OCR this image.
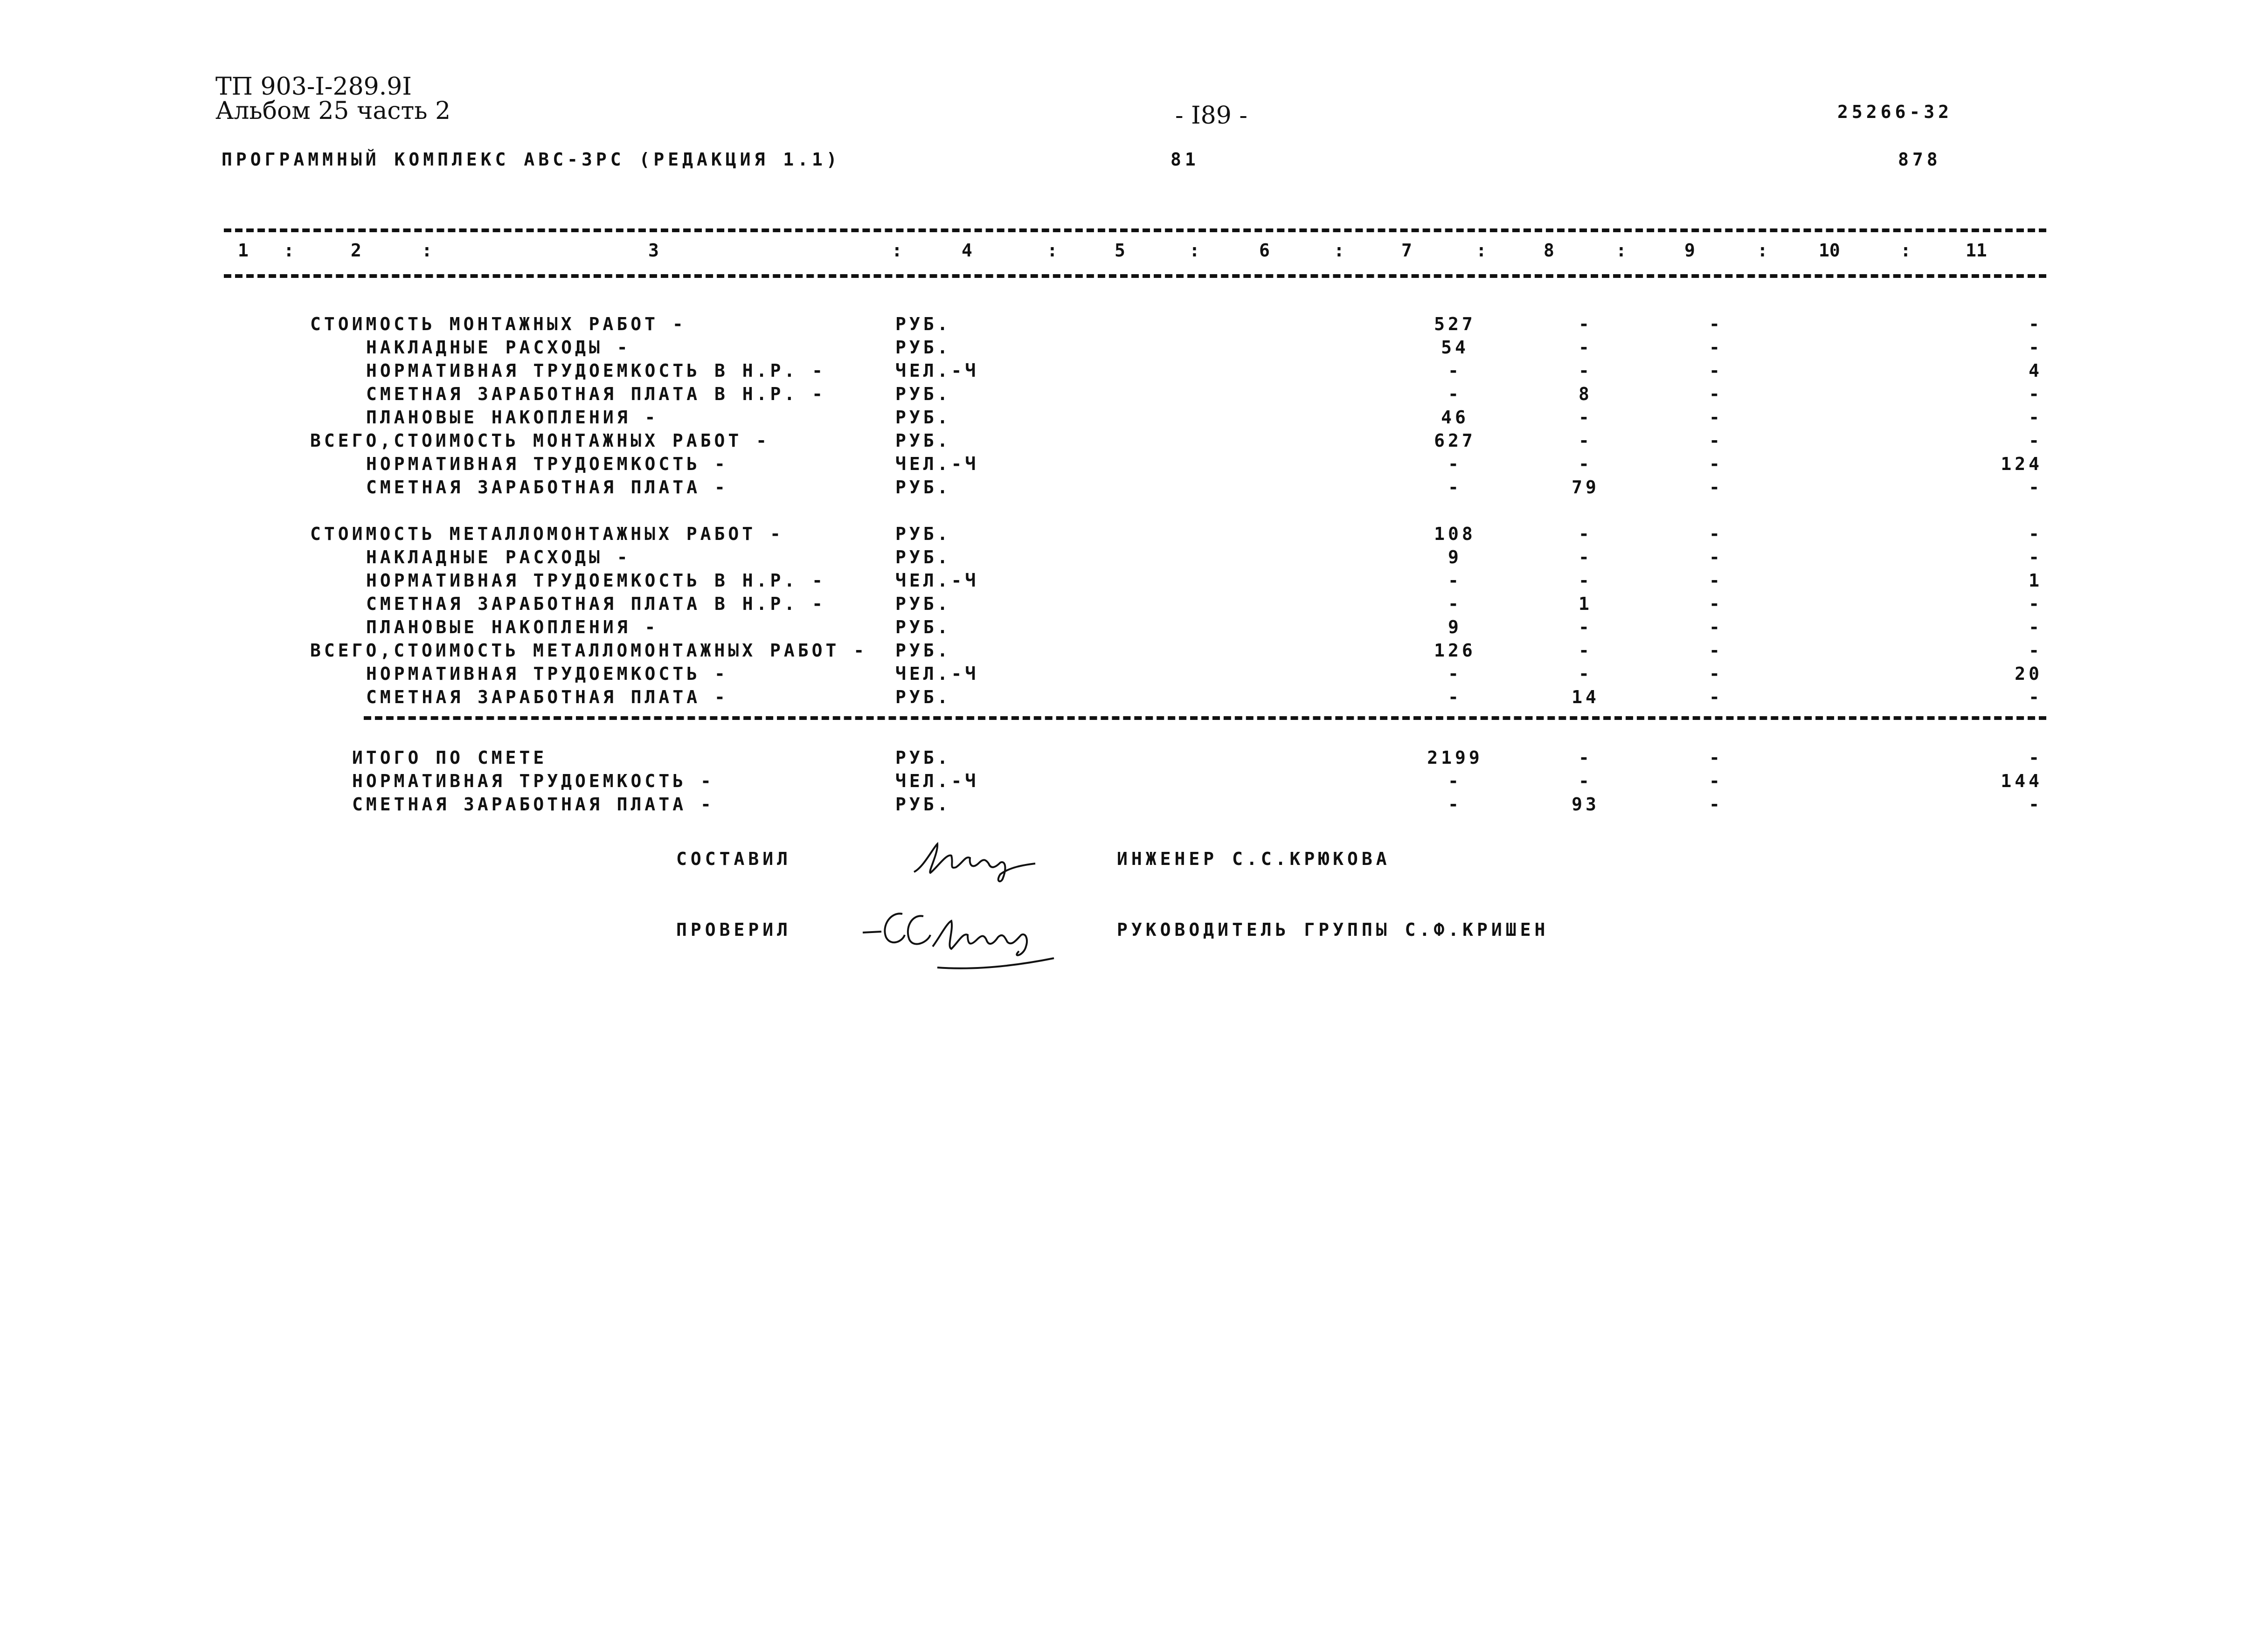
ТП 903-I-289.9I
Альбом 25 часть 2	- I89 -	25266-32
ПРОГРАММНЫЙ КОМПЛЕКС АВС-3РС (РЕДАКЦИЯ 1.1)	81	878
1 :	2	:	3	:	4	:	5	:	6	:	7	:	8	:	9	:	10	:	11
СТОИМОСТЬ МОНТАЖНЫХ РАБОТ -	РУБ.	527	-	-	-
НАКЛАДНЫЕ РАСХОДЫ -	РУБ.	54	-	-	-
НОРМАТИВНАЯ ТРУДОЕМКОСТЬ В Н.Р. -	ЧЕЛ.-Ч	-	-	-	4
СМЕТНАЯ ЗАРАБОТНАЯ ПЛАТА В Н.Р. -	РУБ.	-	8	-	-
ПЛАНОВЫЕ НАКОПЛЕНИЯ -	РУБ.	46	-	-	-
ВСЕГО,СТОИМОСТЬ МОНТАЖНЫХ РАБОТ -	РУБ.	627	-	-	-
НОРМАТИВНАЯ ТРУДОЕМКОСТЬ -	ЧЕЛ.-Ч	-	-	-	124
СМЕТНАЯ ЗАРАБОТНАЯ ПЛАТА -	РУБ.	-	79	-	-
СТОИМОСТЬ МЕТАЛЛОМОНТАЖНЫХ РАБОТ -	РУБ.	108	-	-	-
НАКЛАДНЫЕ РАСХОДЫ -	РУБ.	9	-	-	-
НОРМАТИВНАЯ ТРУДОЕМКОСТЬ В Н.Р. -	ЧЕЛ.-Ч	-	-	-	1
СМЕТНАЯ ЗАРАБОТНАЯ ПЛАТА В Н.Р. -	РУБ.	-	1	-	-
ПЛАНОВЫЕ НАКОПЛЕНИЯ -	РУБ.	9	-	-	-
ВСЕГО,СТОИМОСТЬ МЕТАЛЛОМОНТАЖНЫХ РАБОТ - РУБ.	126	-	-	-
НОРМАТИВНАЯ ТРУДОЕМКОСТЬ -	ЧЕЛ.-Ч	-	-	-	20
СМЕТНАЯ ЗАРАБОТНАЯ ПЛАТА -	РУБ.	-	14	-	-
ИТОГО ПО СМЕТЕ	РУБ.	2199	-	-	-
НОРМАТИВНАЯ ТРУДОЕМКОСТЬ -	ЧЕЛ.-Ч	-	-	-	144
СМЕТНАЯ ЗАРАБОТНАЯ ПЛАТА -	РУБ.	-	93	-	-
СОСТАВИЛ	ИНЖЕНЕР С.С.КРЮКОВА
ПРОВЕРИЛ	РУКОВОДИТЕЛЬ ГРУППЫ С.Ф.КРИШЕН
